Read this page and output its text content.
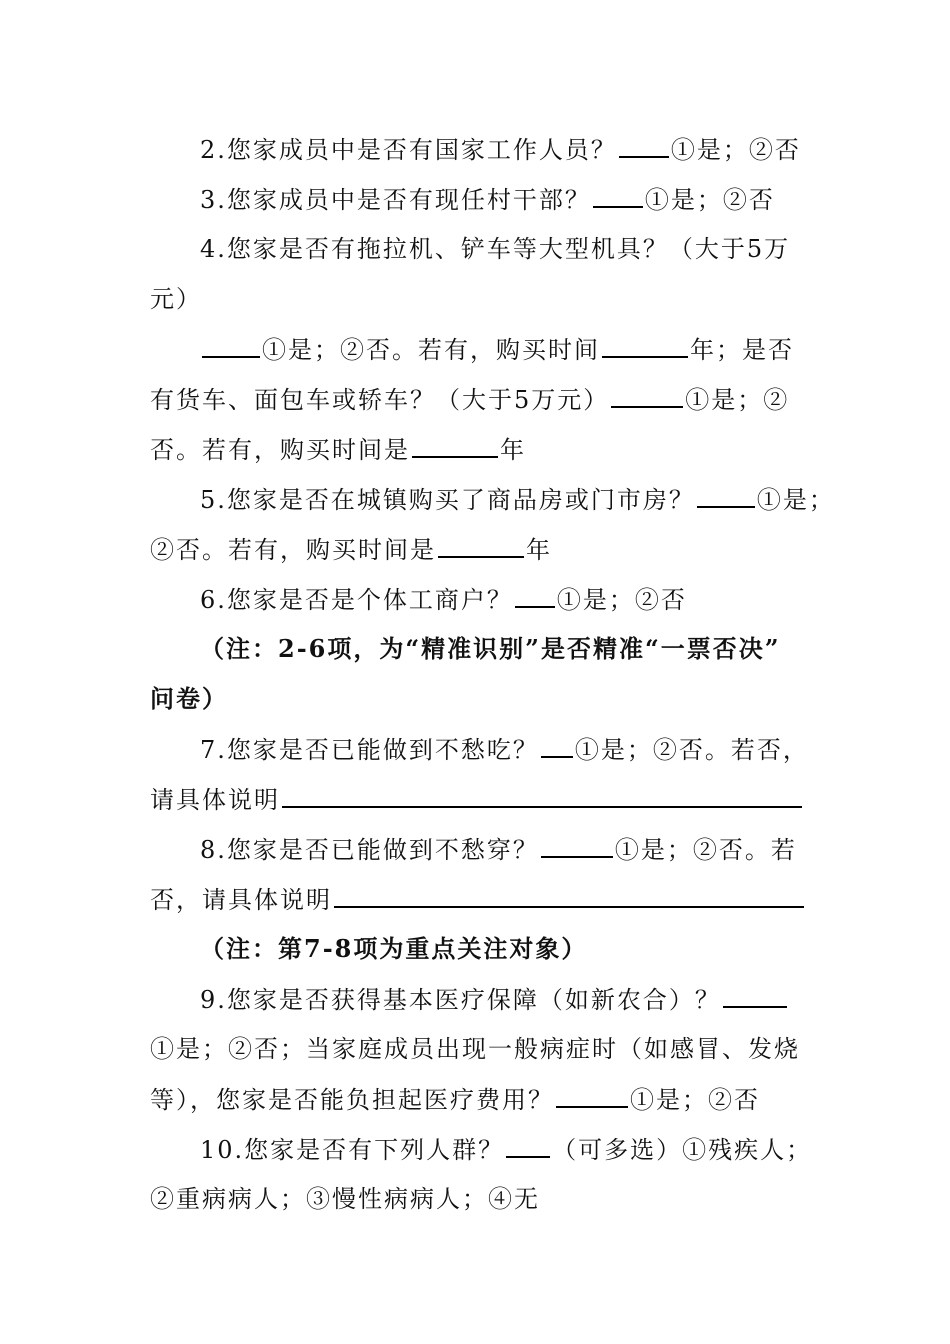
2.您家成员中是否有国家工作人员？ ①是；②否
3.您家成员中是否有现任村干部？ ①是；②否
4.您家是否有拖拉机、铲车等大型机具？（大于5万
元）
①是；②否。若有，购买时间	年；是否
有货车、面包车或轿车？（大于5万元）	①是；②
否。若有，购买时间是	年
5.您家是否在城镇购买了商品房或门市房？	①是；
②否。若有，购买时间是	年
6.您家是否是个体工商户？ ①是；②否
（注：2-6项，为“精准识别”是否精准“一票否决”
问卷）
7.您家是否已能做到不愁吃？ ①是；②否。若否，
请具体说明
8.您家是否已能做到不愁穿？	①是；②否。若
否，请具体说明
（注：第7-8项为重点关注对象）
9.您家是否获得基本医疗保障（如新农合）？
①是；②否；当家庭成员出现一般病症时（如感冒、发烧
等），您家是否能负担起医疗费用？	①是；②否
10.您家是否有下列人群？ （可多选）①残疾人；
②重病病人；③慢性病病人；④无
